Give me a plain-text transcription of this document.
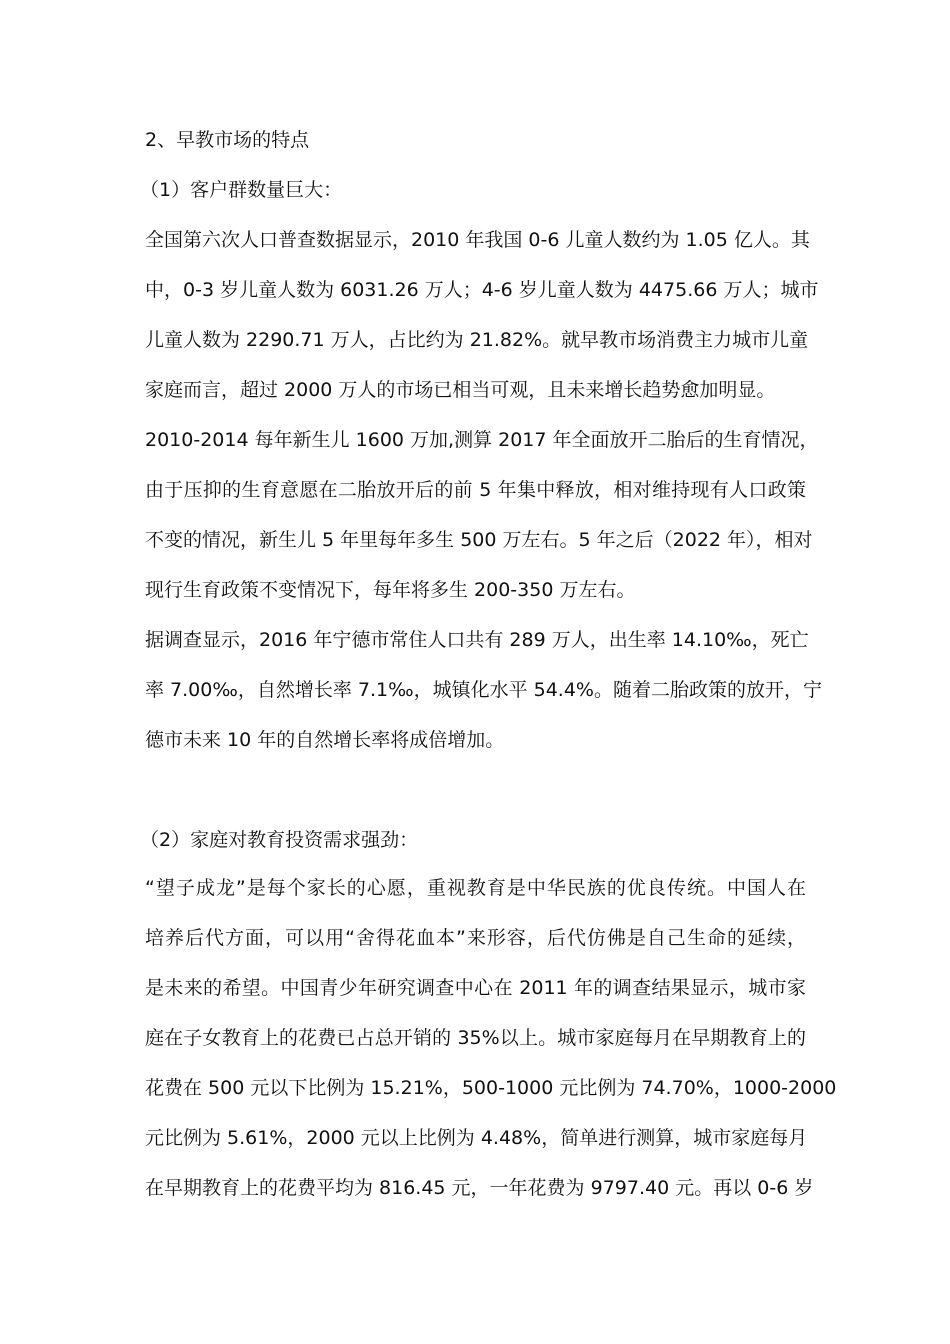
2、早教市场的特点
（1）客户群数量巨大：
全国第六次人口普查数据显示，2010 年我国 0-6 儿童人数约为 1.05 亿人。其
中，0-3 岁儿童人数为 6031.26 万人；4-6 岁儿童人数为 4475.66 万人；城市
儿童人数为 2290.71 万人，占比约为 21.82%。就早教市场消费主力城市儿童
家庭而言，超过 2000 万人的市场已相当可观，且未来增长趋势愈加明显。
2010-2014 每年新生儿 1600 万加,测算 2017 年全面放开二胎后的生育情况，
由于压抑的生育意愿在二胎放开后的前 5 年集中释放，相对维持现有人口政策
不变的情况，新生儿 5 年里每年多生 500 万左右。5 年之后（2022 年），相对
现行生育政策不变情况下，每年将多生 200-350 万左右。
据调查显示，2016 年宁德市常住人口共有 289 万人，出生率 14.10‰，死亡
率 7.00‰，自然增长率 7.1‰，城镇化水平 54.4%。随着二胎政策的放开，宁
德市未来 10 年的自然增长率将成倍增加。
（2）家庭对教育投资需求强劲：
“望子成龙”是每个家长的心愿，重视教育是中华民族的优良传统。中国人在
培养后代方面，可以用“舍得花血本”来形容，后代仿佛是自己生命的延续，
是未来的希望。中国青少年研究调查中心在 2011 年的调查结果显示，城市家
庭在子女教育上的花费已占总开销的 35%以上。城市家庭每月在早期教育上的
花费在 500 元以下比例为 15.21%，500-1000 元比例为 74.70%，1000-2000
元比例为 5.61%，2000 元以上比例为 4.48%，简单进行测算，城市家庭每月
在早期教育上的花费平均为 816.45 元，一年花费为 9797.40 元。再以 0-6 岁
